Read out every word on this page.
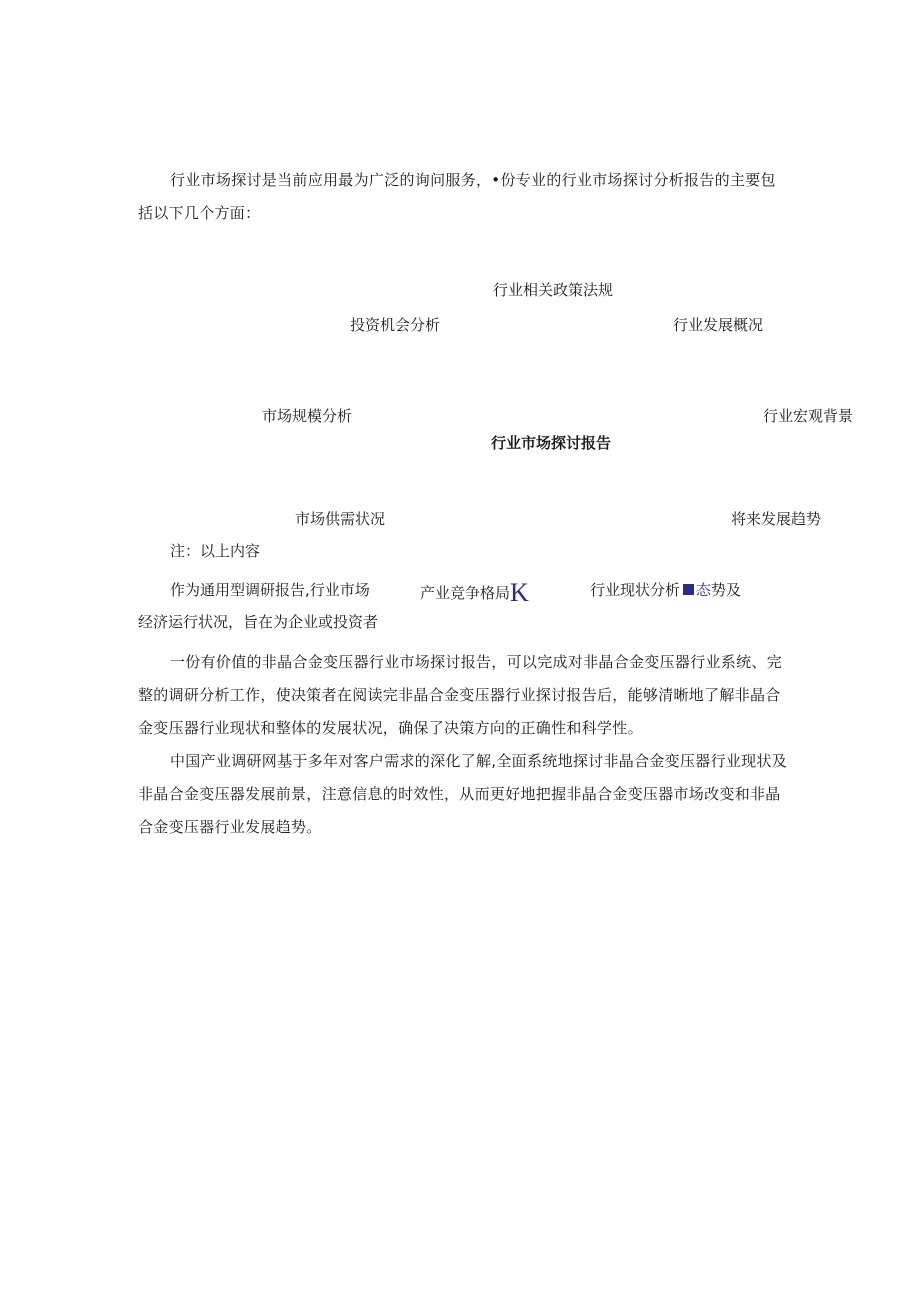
行业市场探讨是当前应用最为广泛的询问服务，•份专业的行业市场探讨分析报告的主要包括以下几个方面：

行业相关政策法规
投资机会分析	行业发展概况
市场规模分析	行业宏观背景
行业市场探讨报告
市场供需状况	将来发展趋势
注：以上内容
作为通用型调研报告,行业市场	产业竞争格局K	行业现状分析 态势及
经济运行状况，旨在为企业或投资者

一份有价值的非晶合金变压器行业市场探讨报告，可以完成对非晶合金变压器行业系统、完整的调研分析工作，使决策者在阅读完非晶合金变压器行业探讨报告后，能够清晰地了解非晶合金变压器行业现状和整体的发展状况，确保了决策方向的正确性和科学性。

中国产业调研网基于多年对客户需求的深化了解,全面系统地探讨非晶合金变压器行业现状及非晶合金变压器发展前景，注意信息的时效性，从而更好地把握非晶合金变压器市场改变和非晶合金变压器行业发展趋势。
